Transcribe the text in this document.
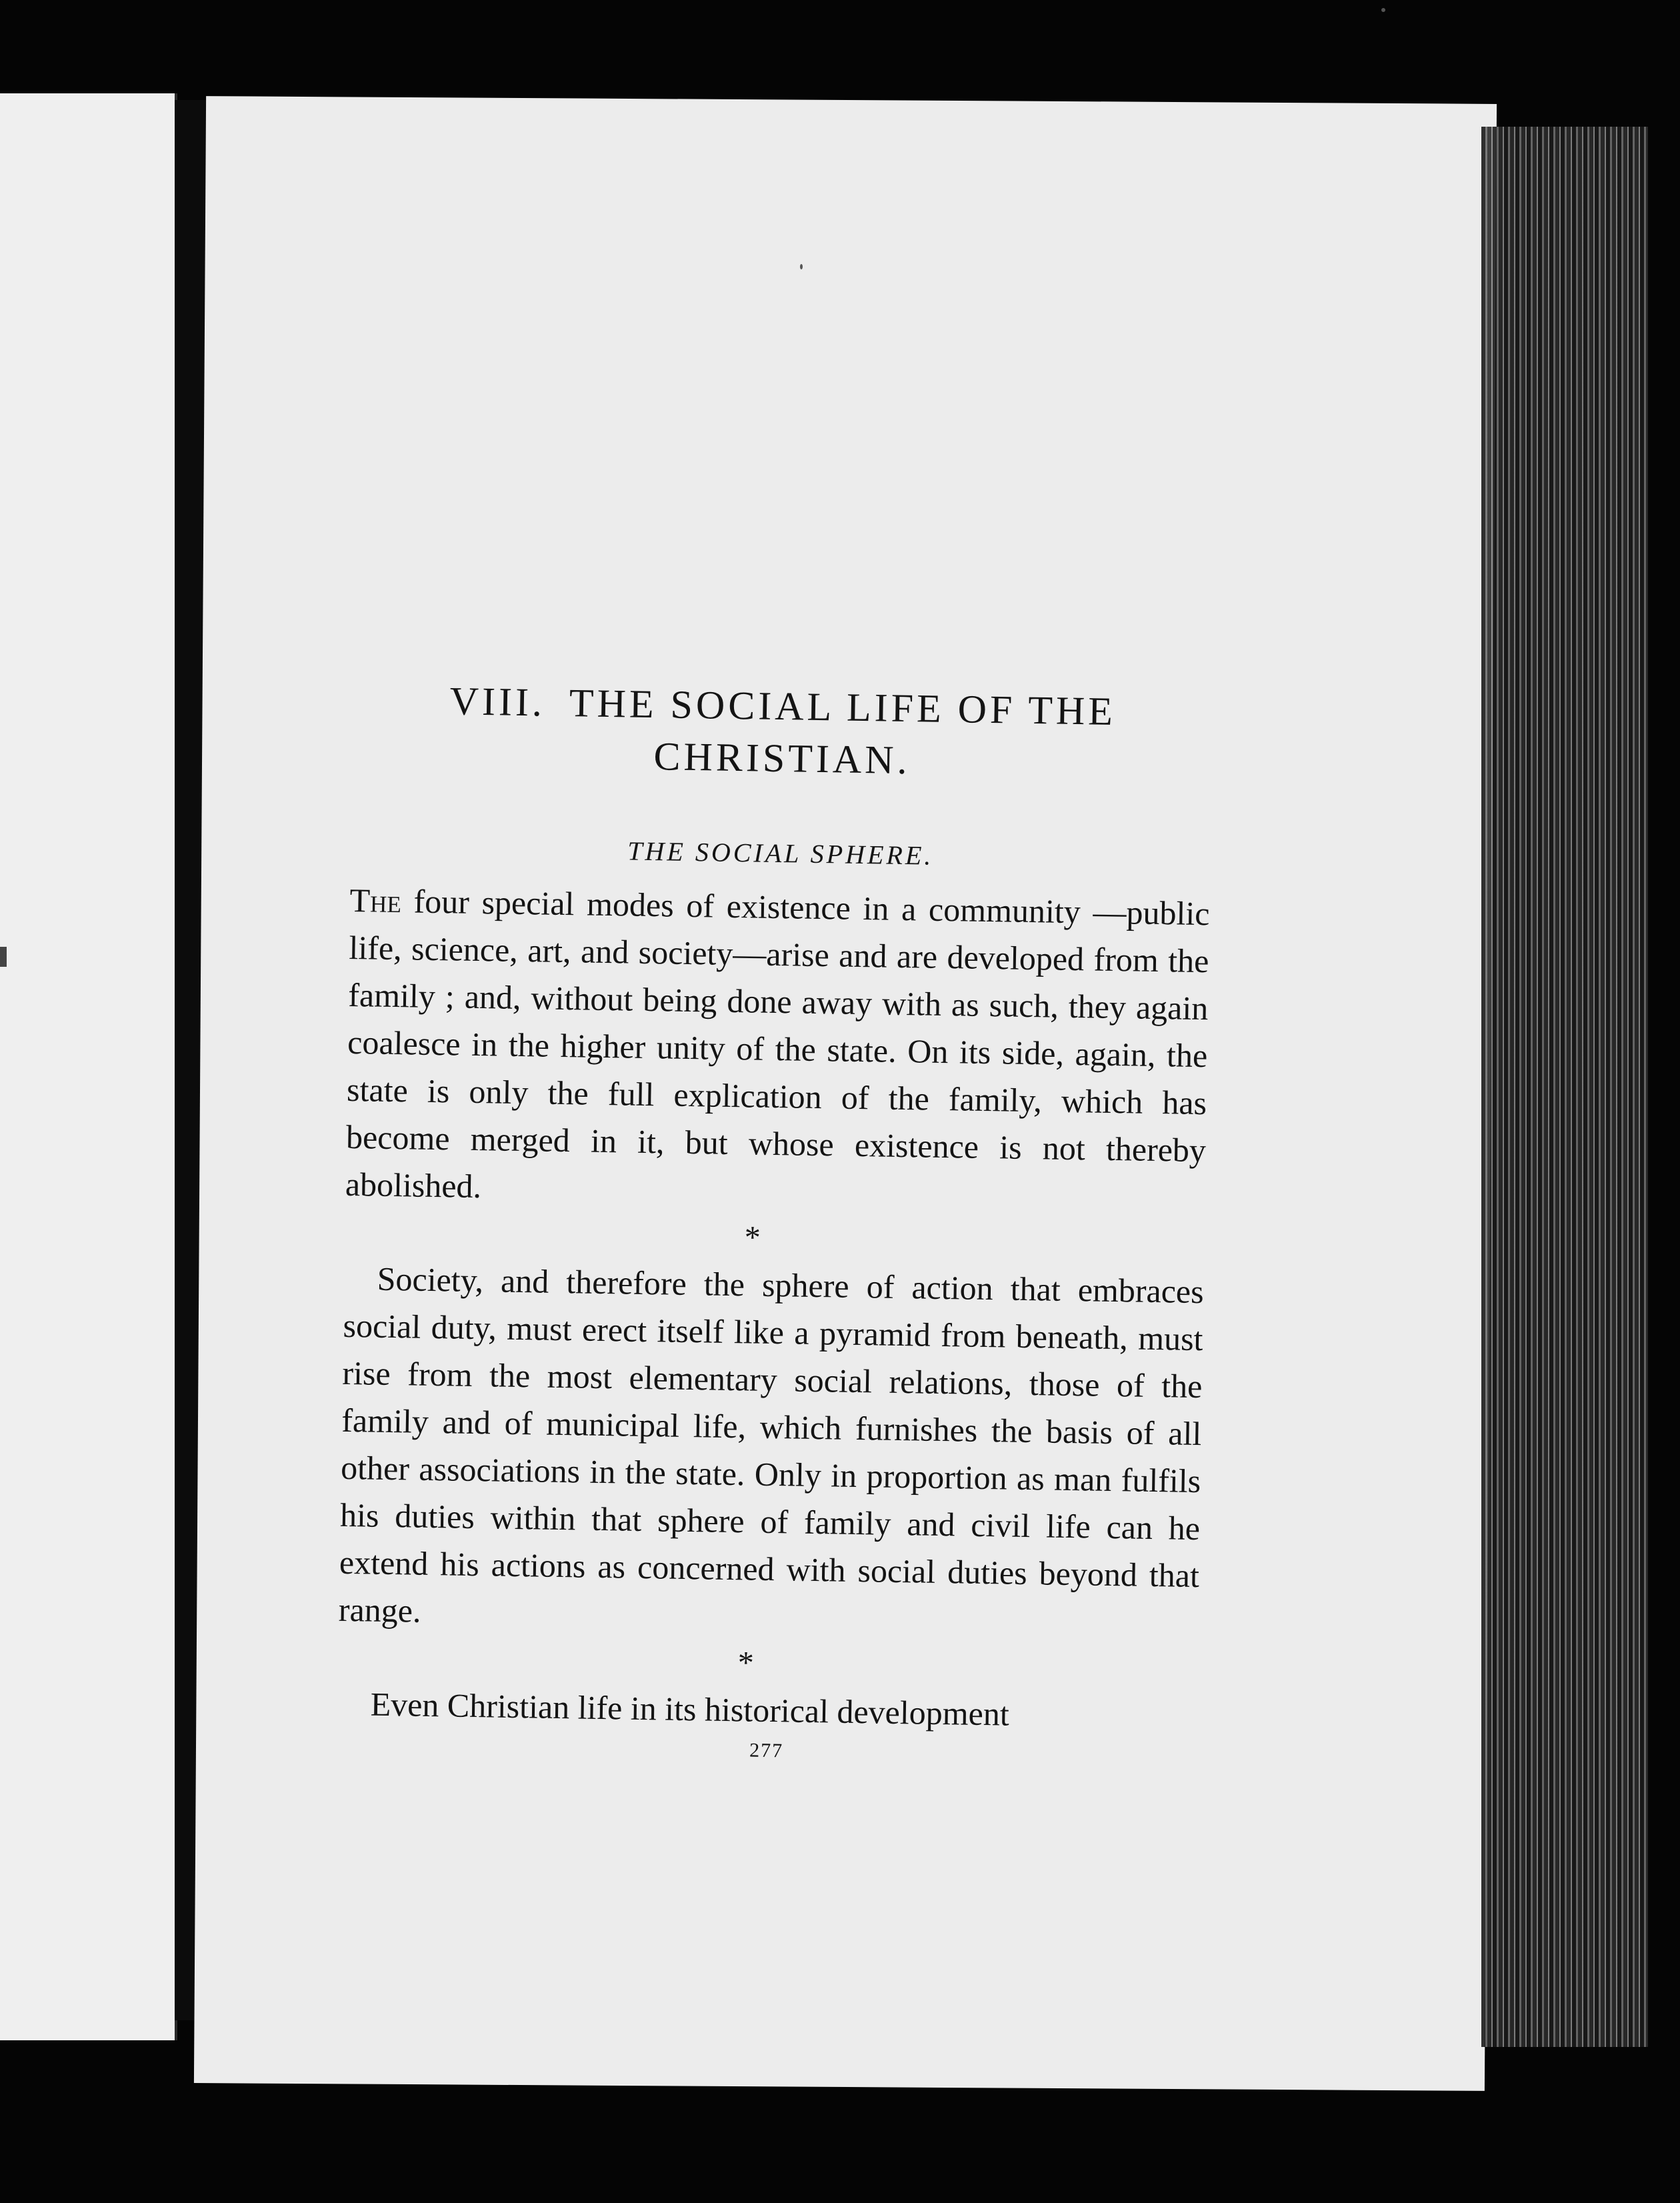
VIII. THE SOCIAL LIFE OF THE
CHRISTIAN.
THE SOCIAL SPHERE.

The four special modes of existence in a community —public life, science, art, and society—arise and are developed from the family ; and, without being done away with as such, they again coalesce in the higher unity of the state. On its side, again, the state is only the full explication of the family, which has become merged in it, but whose existence is not thereby abolished.

*

Society, and therefore the sphere of action that embraces social duty, must erect itself like a pyramid from beneath, must rise from the most elementary social relations, those of the family and of municipal life, which furnishes the basis of all other associations in the state. Only in proportion as man fulfils his duties within that sphere of family and civil life can he extend his actions as concerned with social duties beyond that range.

*

Even Christian life in its historical development

277
